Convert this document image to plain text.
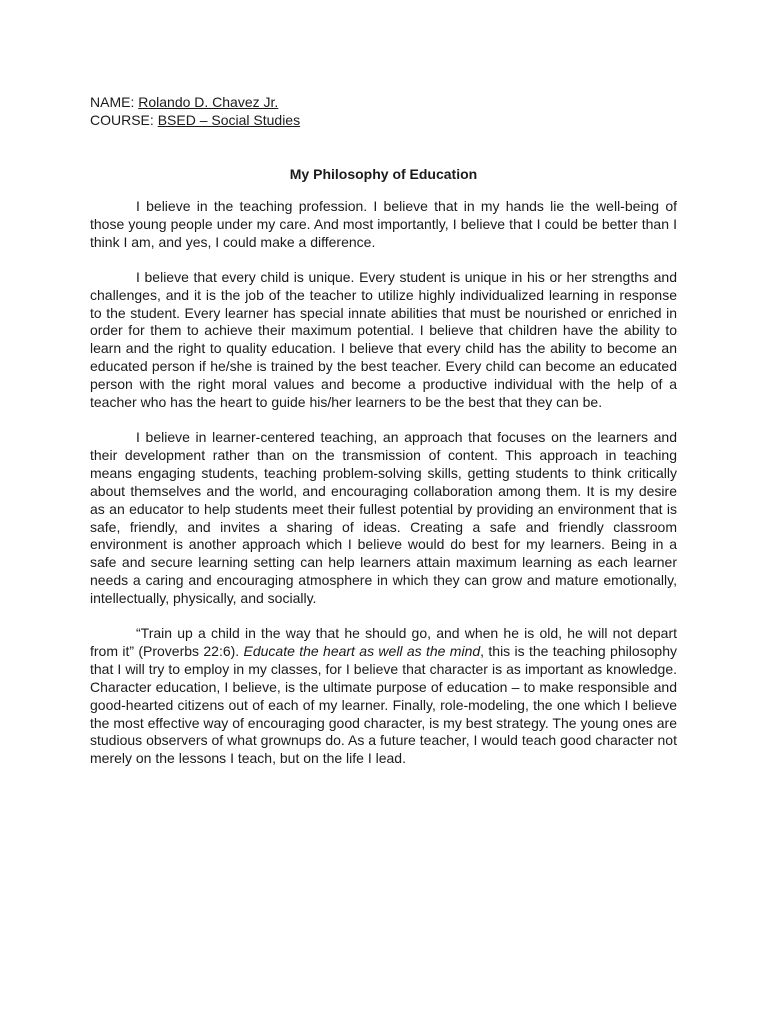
NAME: Rolando D. Chavez Jr.

COURSE: BSED – Social Studies

My Philosophy of Education

I believe in the teaching profession. I believe that in my hands lie the well-being of those young people under my care. And most importantly, I believe that I could be better than I think I am, and yes, I could make a difference.

I believe that every child is unique. Every student is unique in his or her strengths and challenges, and it is the job of the teacher to utilize highly individualized learning in response to the student. Every learner has special innate abilities that must be nourished or enriched in order for them to achieve their maximum potential. I believe that children have the ability to learn and the right to quality education. I believe that every child has the ability to become an educated person if he/she is trained by the best teacher. Every child can become an educated person with the right moral values and become a productive individual with the help of a teacher who has the heart to guide his/her learners to be the best that they can be.

I believe in learner-centered teaching, an approach that focuses on the learners and their development rather than on the transmission of content. This approach in teaching means engaging students, teaching problem-solving skills, getting students to think critically about themselves and the world, and encouraging collaboration among them. It is my desire as an educator to help students meet their fullest potential by providing an environment that is safe, friendly, and invites a sharing of ideas. Creating a safe and friendly classroom environment is another approach which I believe would do best for my learners. Being in a safe and secure learning setting can help learners attain maximum learning as each learner needs a caring and encouraging atmosphere in which they can grow and mature emotionally, intellectually, physically, and socially.

“Train up a child in the way that he should go, and when he is old, he will not depart from it” (Proverbs 22:6). Educate the heart as well as the mind, this is the teaching philosophy that I will try to employ in my classes, for I believe that character is as important as knowledge. Character education, I believe, is the ultimate purpose of education – to make responsible and good-hearted citizens out of each of my learner. Finally, role-modeling, the one which I believe the most effective way of encouraging good character, is my best strategy. The young ones are studious observers of what grownups do. As a future teacher, I would teach good character not merely on the lessons I teach, but on the life I lead.
